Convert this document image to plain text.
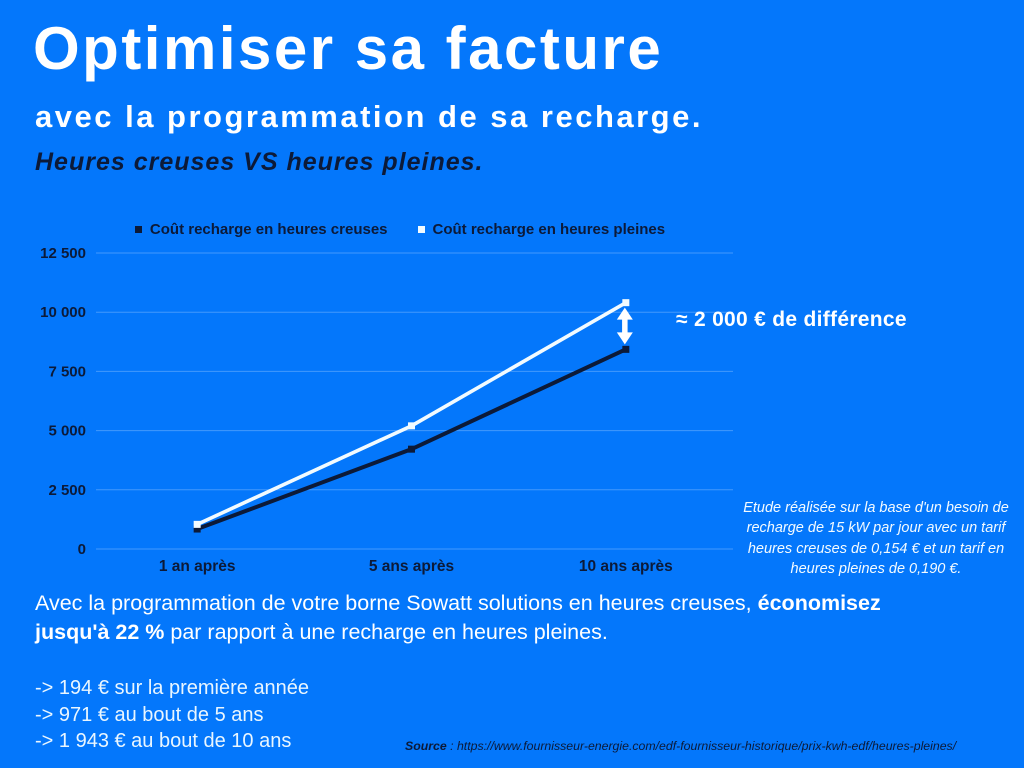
Optimiser sa facture
avec la programmation de sa recharge.
Heures creuses VS heures pleines.
Coût recharge en heures creuses	Coût recharge en heures pleines
0
2 500
5 000
7 500
10 000
12 500
1 an après	5 ans après	10 ans après
≈ 2 000 € de différence
Etude réalisée sur la base d'un besoin de recharge de 15 kW par jour avec un tarif heures creuses de 0,154 € et un tarif en heures pleines de 0,190 €.

Avec la programmation de votre borne Sowatt solutions en heures creuses, économisez
jusqu'à 22 % par rapport à une recharge en heures pleines.

-> 194 € sur la première année
-> 971 € au bout de 5 ans
-> 1 943 € au bout de 10 ans	Source : https://www.fournisseur-energie.com/edf-fournisseur-historique/prix-kwh-edf/heures-pleines/
